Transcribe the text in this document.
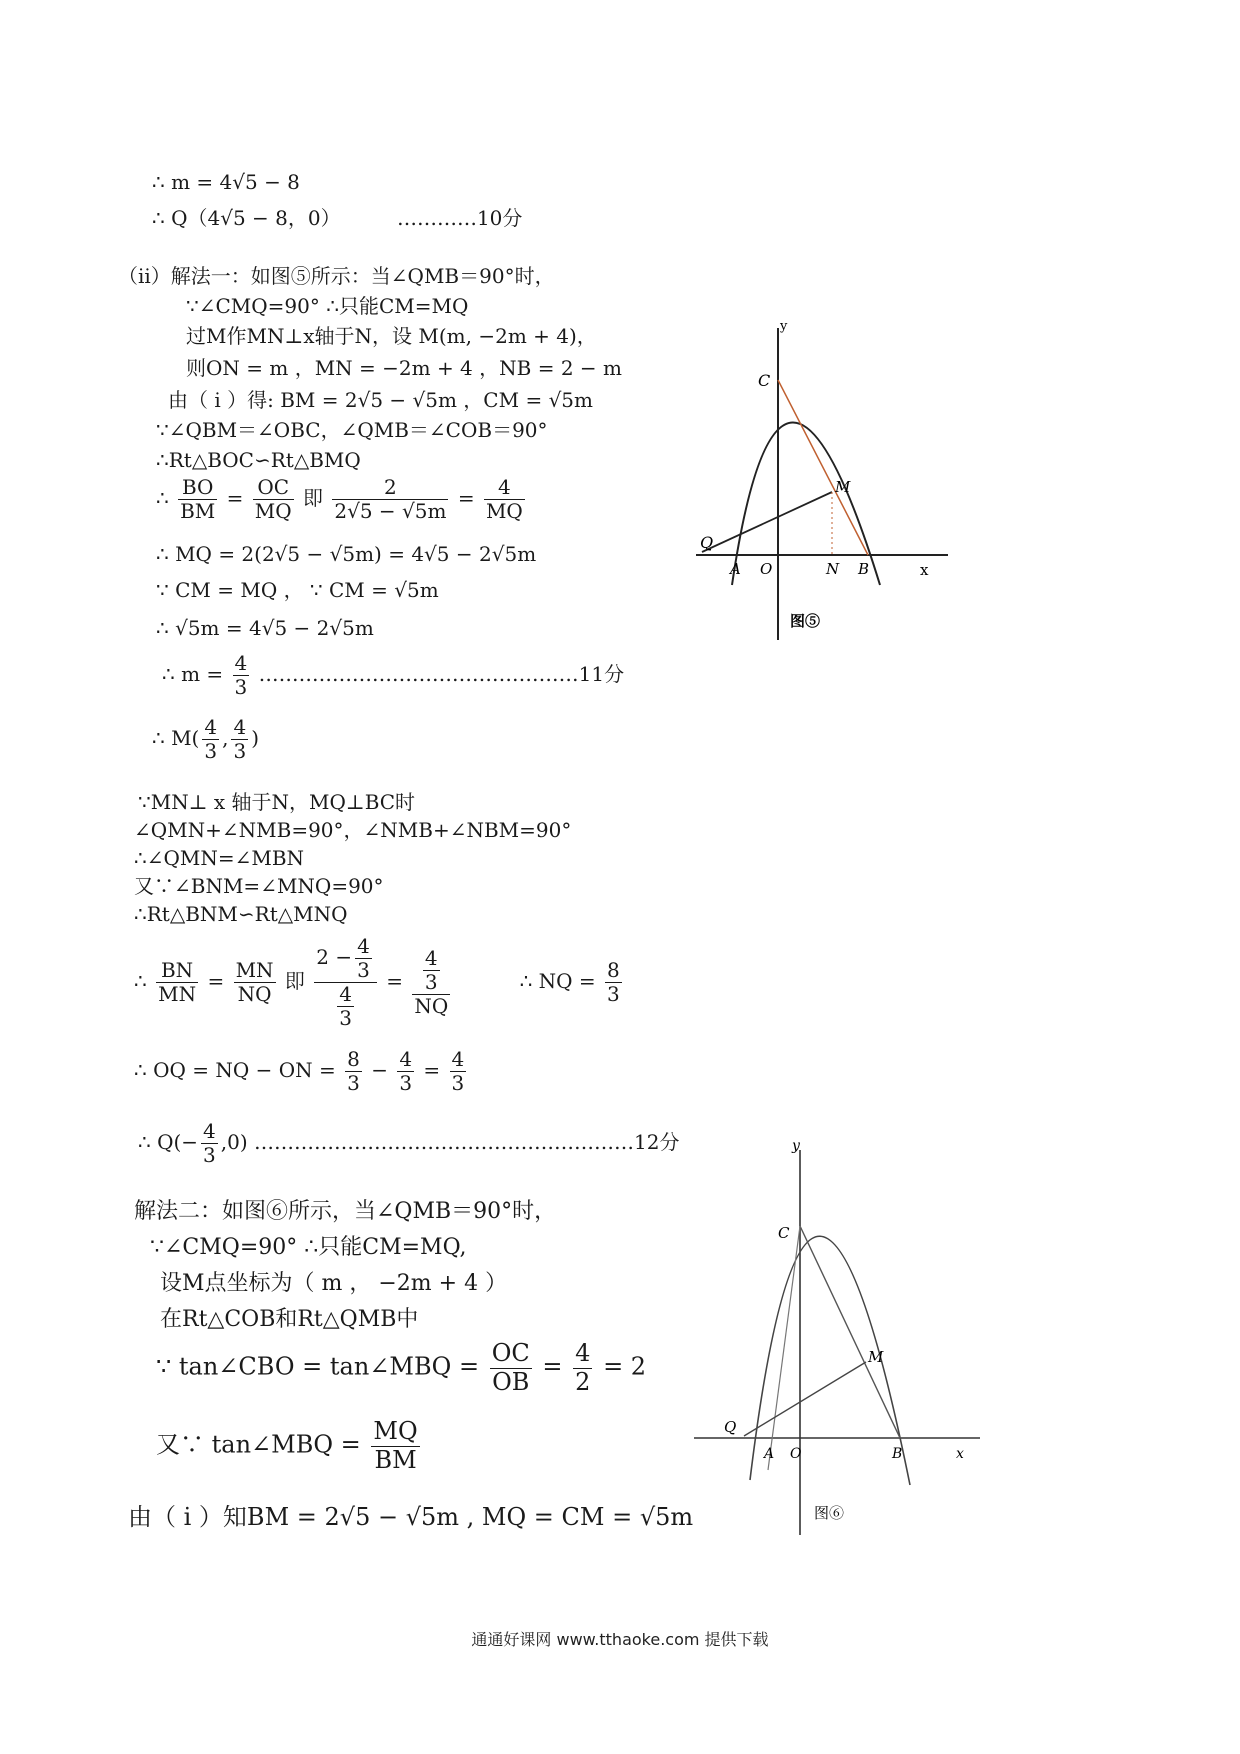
∴ m = 4√5 − 8
∴ Q（4√5 − 8，0）	…………10分
（ii）解法一：如图⑤所示：当∠QMB＝90°时，
∵∠CMQ=90° ∴只能CM=MQ
过M作MN⊥x轴于N，设 M(m, −2m + 4)，
则ON = m ，MN = −2m + 4 ，NB = 2 − m
由（ i ）得: BM = 2√5 − √5m ，CM = √5m
∵∠QBM＝∠OBC，∠QMB＝∠COB＝90°
∴Rt△BOC∽Rt△BMQ
∴ $\frac{BO}{BM} = \frac{OC}{MQ}$ 即 $\frac{2}{2√5 - √5m} = \frac{4}{MQ}$
∴ MQ = 2(2√5 − √5m) = 4√5 − 2√5m
∵ CM = MQ ， ∵ CM = √5m
∴ √5m = 4√5 − 2√5m
∴ $m = \frac{4}{3}$ …………………………………………11分
∴ $M( \frac{4}{3}$ , $\frac{4}{3}$ )
∵MN⊥ x 轴于N，MQ⊥BC时
∠QMN+∠NMB=90°，∠NMB+∠NBM=90°
∴∠QMN=∠MBN
又∵∠BNM=∠MNQ=90°
∴Rt△BNM∽Rt△MNQ
∴ $\frac{BN}{MN} = \frac{MN}{NQ}$ 即 $\frac{2 - \frac{4}{3}}{\frac{4}{3}} = \frac{\frac{4}{3}}{NQ}$	∴ NQ = $\frac{8}{3}$
∴ OQ = NQ − ON = $\frac{8}{3} - \frac{4}{3} = \frac{4}{3}$
∴ $Q(- \frac{4}{3} ,0)$ …………………………………………………12分
解法二：如图⑥所示，当∠QMB＝90°时，
∵∠CMQ=90° ∴只能CM=MQ,
设M点坐标为（ m ， −2m + 4 ）
在Rt△COB和Rt△QMB中
∵ tan∠CBO = tan∠MBQ = $\frac{OC}{OB} = \frac{4}{2} = 2$
又∵ tan∠MBQ = $\frac{MQ}{BM}$
由（ i ）知BM = 2√5 − √5m , MQ = CM = √5m
y
x
C
M
Q
A O	N B
图⑤
y
x
C
M
Q
A O	B
图⑥
通通好课网 www.tthaoke.com 提供下载
